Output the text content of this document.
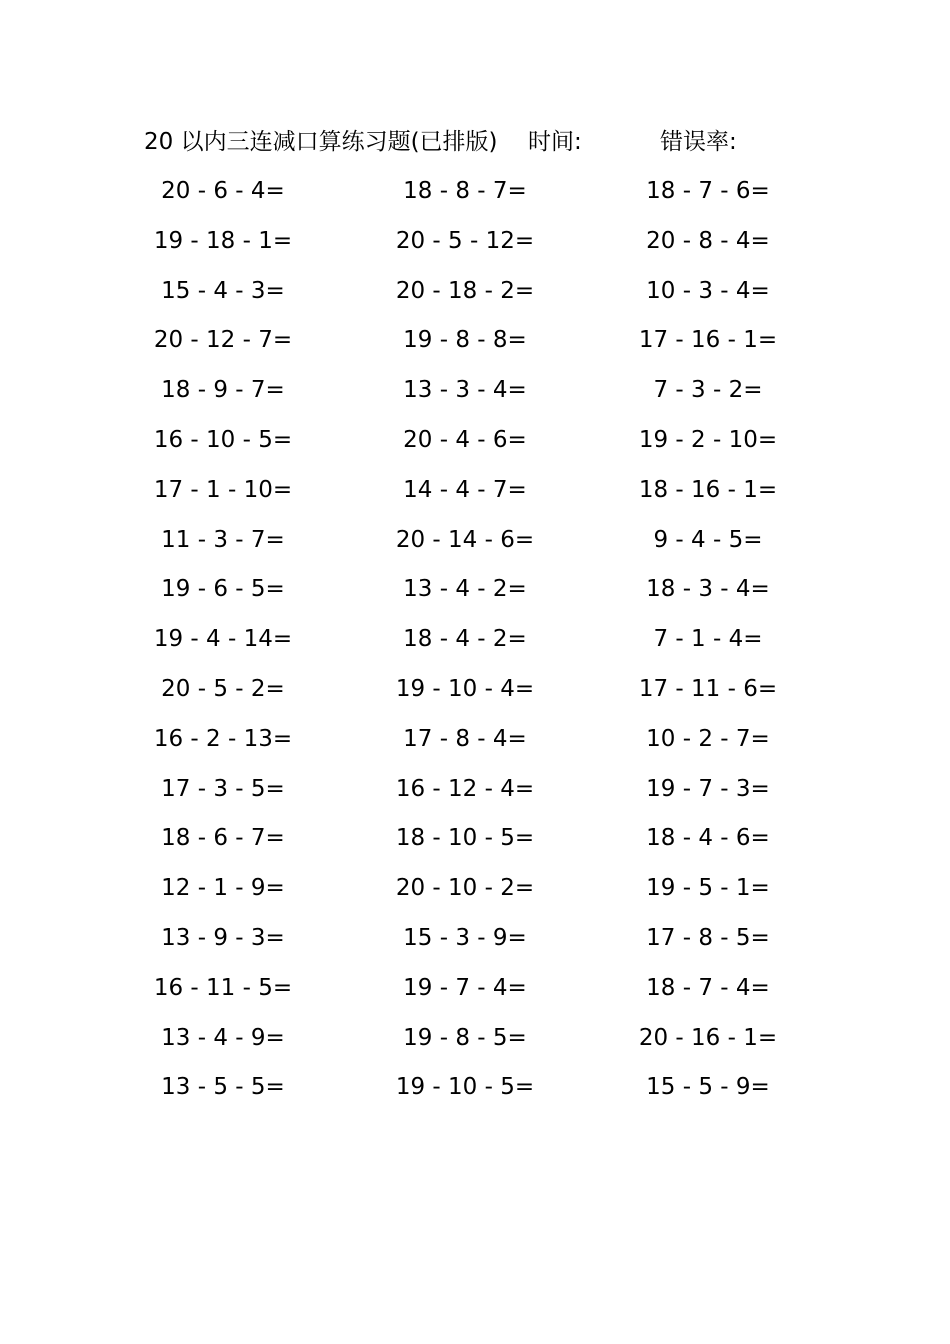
20 以内三连减口算练习题(已排版) 时间:	错误率:
20 - 6 - 4=	18 - 8 - 7=	18 - 7 - 6=
19 - 18 - 1=	20 - 5 - 12=	20 - 8 - 4=
15 - 4 - 3=	20 - 18 - 2=	10 - 3 - 4=
20 - 12 - 7=	19 - 8 - 8=	17 - 16 - 1=
18 - 9 - 7=	13 - 3 - 4=	7 - 3 - 2=
16 - 10 - 5=	20 - 4 - 6=	19 - 2 - 10=
17 - 1 - 10=	14 - 4 - 7=	18 - 16 - 1=
11 - 3 - 7=	20 - 14 - 6=	9 - 4 - 5=
19 - 6 - 5=	13 - 4 - 2=	18 - 3 - 4=
19 - 4 - 14=	18 - 4 - 2=	7 - 1 - 4=
20 - 5 - 2=	19 - 10 - 4=	17 - 11 - 6=
16 - 2 - 13=	17 - 8 - 4=	10 - 2 - 7=
17 - 3 - 5=	16 - 12 - 4=	19 - 7 - 3=
18 - 6 - 7=	18 - 10 - 5=	18 - 4 - 6=
12 - 1 - 9=	20 - 10 - 2=	19 - 5 - 1=
13 - 9 - 3=	15 - 3 - 9=	17 - 8 - 5=
16 - 11 - 5=	19 - 7 - 4=	18 - 7 - 4=
13 - 4 - 9=	19 - 8 - 5=	20 - 16 - 1=
13 - 5 - 5=	19 - 10 - 5=	15 - 5 - 9=
